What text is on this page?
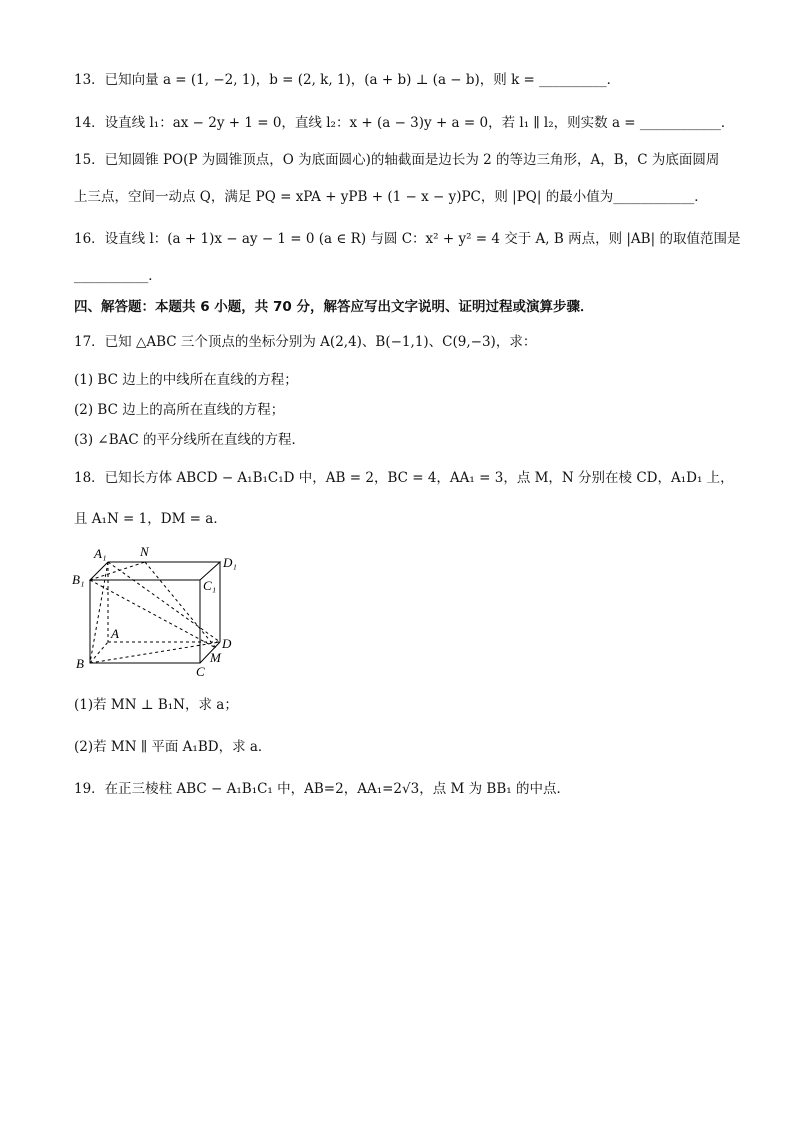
13．已知向量 a = (1, −2, 1)，b = (2, k, 1)，(a + b) ⊥ (a − b)，则 k = __________．
14．设直线 l₁：ax − 2y + 1 = 0，直线 l₂：x + (a − 3)y + a = 0，若 l₁ ∥ l₂，则实数 a = ____________．
15．已知圆锥 PO(P 为圆锥顶点，O 为底面圆心)的轴截面是边长为 2 的等边三角形，A，B，C 为底面圆周
上三点，空间一动点 Q，满足 PQ = xPA + yPB + (1 − x − y)PC，则 |PQ| 的最小值为____________．
16．设直线 l：(a + 1)x − ay − 1 = 0 (a ∈ R) 与圆 C：x² + y² = 4 交于 A, B 两点，则 |AB| 的取值范围是
___________．
四、解答题：本题共 6 小题，共 70 分，解答应写出文字说明、证明过程或演算步骤．
17．已知 △ABC 三个顶点的坐标分别为 A(2,4)、B(−1,1)、C(9,−3)，求：
(1) BC 边上的中线所在直线的方程；
(2) BC 边上的高所在直线的方程；
(3) ∠BAC 的平分线所在直线的方程．
18．已知长方体 ABCD − A₁B₁C₁D 中，AB = 2，BC = 4，AA₁ = 3，点 M，N 分别在棱 CD，A₁D₁ 上，
且 A₁N = 1，DM = a．
A₁	N
D₁
B₁	C₁
A
D
M
B
C
(1)若 MN ⊥ B₁N，求 a；
(2)若 MN ∥ 平面 A₁BD，求 a．
19．在正三棱柱 ABC − A₁B₁C₁ 中，AB=2，AA₁=2√3，点 M 为 BB₁ 的中点．
